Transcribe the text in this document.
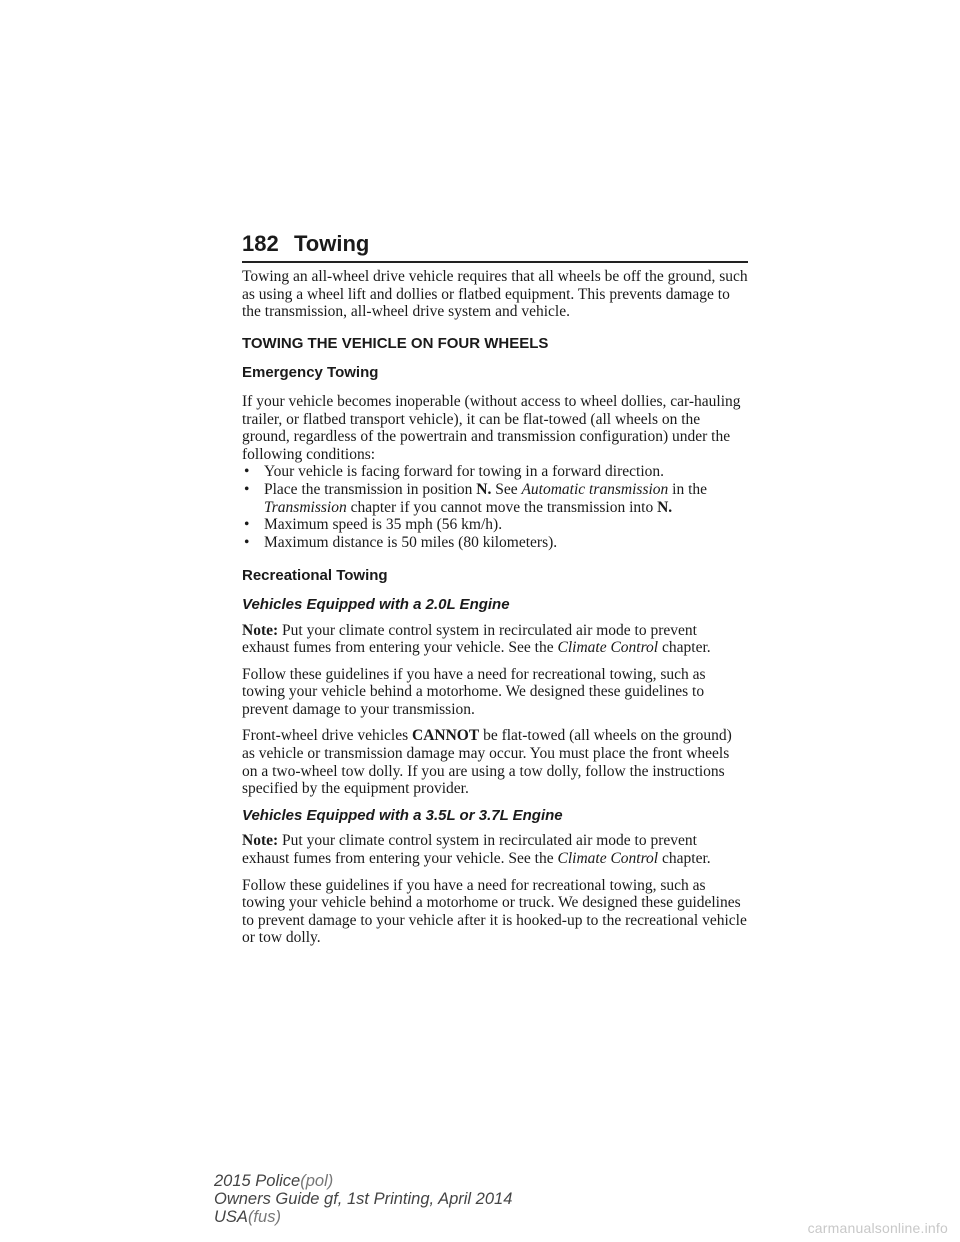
182 Towing

Towing an all-wheel drive vehicle requires that all wheels be off the ground, such as using a wheel lift and dollies or flatbed equipment. This prevents damage to the transmission, all-wheel drive system and vehicle.

TOWING THE VEHICLE ON FOUR WHEELS
Emergency Towing

If your vehicle becomes inoperable (without access to wheel dollies, car-hauling trailer, or flatbed transport vehicle), it can be flat-towed (all wheels on the ground, regardless of the powertrain and transmission configuration) under the following conditions:

• Your vehicle is facing forward for towing in a forward direction.
• Place the transmission in position N. See Automatic transmission in the Transmission chapter if you cannot move the transmission into N.
• Maximum speed is 35 mph (56 km/h).
• Maximum distance is 50 miles (80 kilometers).
Recreational Towing
Vehicles Equipped with a 2.0L Engine

Note: Put your climate control system in recirculated air mode to prevent exhaust fumes from entering your vehicle. See the Climate Control chapter.

Follow these guidelines if you have a need for recreational towing, such as towing your vehicle behind a motorhome. We designed these guidelines to prevent damage to your transmission.

Front-wheel drive vehicles CANNOT be flat-towed (all wheels on the ground) as vehicle or transmission damage may occur. You must place the front wheels on a two-wheel tow dolly. If you are using a tow dolly, follow the instructions specified by the equipment provider.

Vehicles Equipped with a 3.5L or 3.7L Engine

Note: Put your climate control system in recirculated air mode to prevent exhaust fumes from entering your vehicle. See the Climate Control chapter.

Follow these guidelines if you have a need for recreational towing, such as towing your vehicle behind a motorhome or truck. We designed these guidelines to prevent damage to your vehicle after it is hooked-up to the recreational vehicle or tow dolly.

2015 Police(pol)
Owners Guide gf, 1st Printing, April 2014
USA(fus)
carmanualsonline.info
